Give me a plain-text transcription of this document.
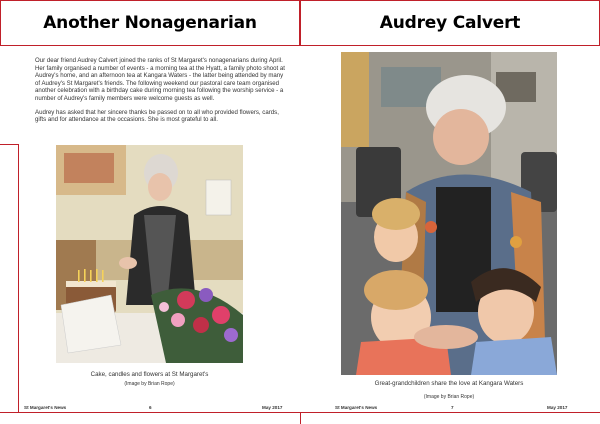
Another Nonagenarian

Our dear friend Audrey Calvert joined the ranks of St Margaret's nonagenarians during April. Her family organised a number of events - a morning tea at the Hyatt, a family photo shoot at Audrey's home, and an afternoon tea at Kangara Waters - the latter being attended by many of Audrey's St Margaret's friends. The following weekend our pastoral care team organised another celebration with a birthday cake during morning tea following the worship service - a number of Audrey's family members were welcome guests as well.

Audrey has asked that her sincere thanks be passed on to all who provided flowers, cards, gifts and for attendance at the occasions. She is most grateful to all.

Cake, candles and flowers at St Margaret's
(Image by Brian Rope)
St Margaret's News	6	May 2017
Audrey Calvert
Great-grandchildren share the love at Kangara Waters
(Image by Brian Rope)
St Margaret's News	7	May 2017
